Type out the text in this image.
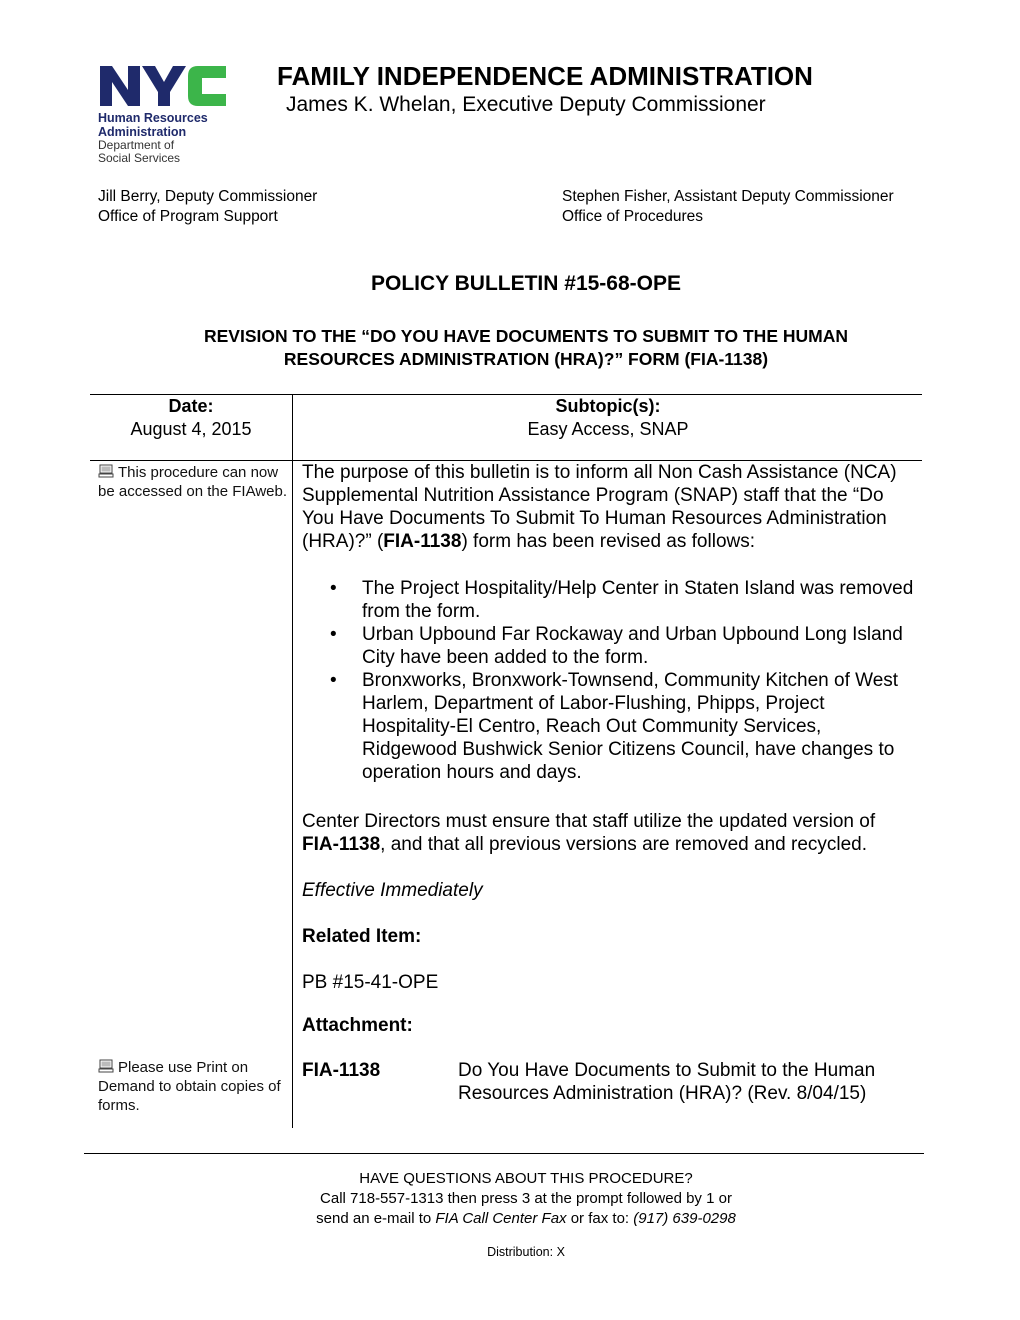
Human Resources
Administration
Department of
Social Services
FAMILY INDEPENDENCE ADMINISTRATION
James K. Whelan, Executive Deputy Commissioner
Jill Berry, Deputy Commissioner
Office of Program Support
Stephen Fisher, Assistant Deputy Commissioner
Office of Procedures
POLICY BULLETIN #15-68-OPE
REVISION TO THE “DO YOU HAVE DOCUMENTS TO SUBMIT TO THE HUMAN
RESOURCES ADMINISTRATION (HRA)?” FORM (FIA-1138)
Date:
August 4, 2015
Subtopic(s):
Easy Access, SNAP
This procedure can now be accessed on the FIAweb.
Please use Print on Demand to obtain copies of forms.
The purpose of this bulletin is to inform all Non Cash Assistance (NCA) Supplemental Nutrition Assistance Program (SNAP) staff that the “Do You Have Documents To Submit To Human Resources Administration (HRA)?” (FIA-1138) form has been revised as follows:
• The Project Hospitality/Help Center in Staten Island was removed from the form.
• Urban Upbound Far Rockaway and Urban Upbound Long Island City have been added to the form.
• Bronxworks, Bronxwork-Townsend, Community Kitchen of West Harlem, Department of Labor-Flushing, Phipps, Project Hospitality-El Centro, Reach Out Community Services, Ridgewood Bushwick Senior Citizens Council, have changes to operation hours and days.
Center Directors must ensure that staff utilize the updated version of FIA-1138, and that all previous versions are removed and recycled.
Effective Immediately
Related Item:
PB #15-41-OPE
Attachment:
FIA-1138	Do You Have Documents to Submit to the Human Resources Administration (HRA)? (Rev. 8/04/15)
HAVE QUESTIONS ABOUT THIS PROCEDURE?
Call 718-557-1313 then press 3 at the prompt followed by 1 or
send an e-mail to FIA Call Center Fax or fax to: (917) 639-0298
Distribution: X
